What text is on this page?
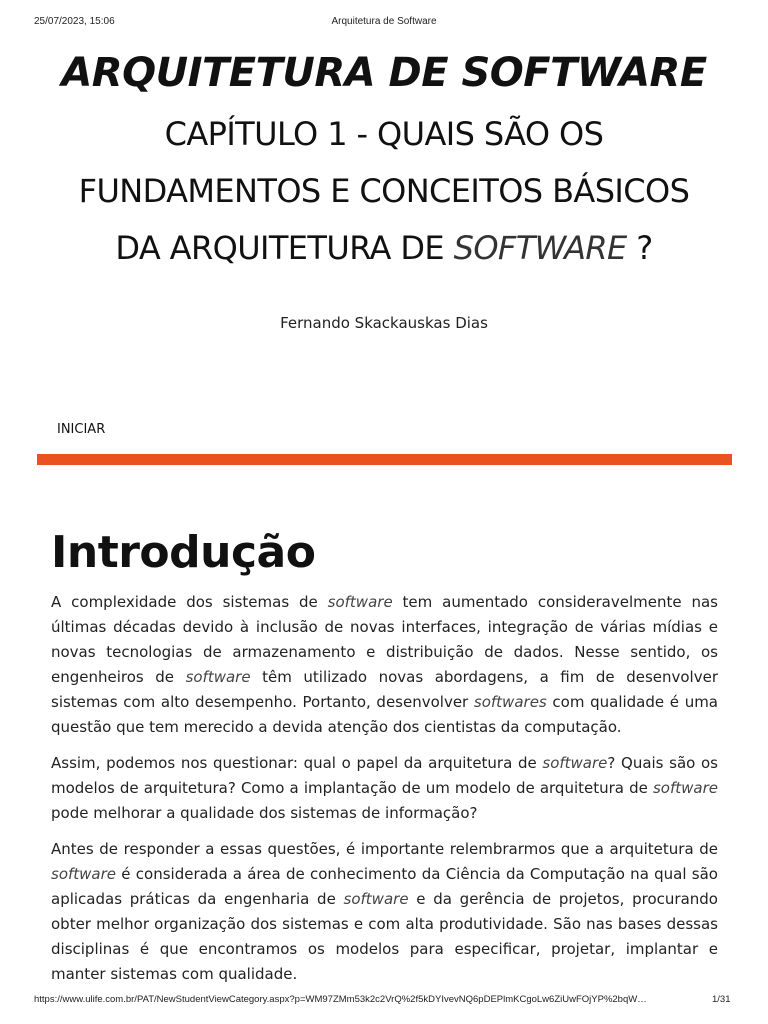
25/07/2023, 15:06	Arquitetura de Software
ARQUITETURA DE SOFTWARE
CAPÍTULO 1 - QUAIS SÃO OS
FUNDAMENTOS E CONCEITOS BÁSICOS
DA ARQUITETURA DE SOFTWARE ?
Fernando Skackauskas Dias
INICIAR
Introdução

A complexidade dos sistemas de software tem aumentado consideravelmente nas últimas décadas devido à inclusão de novas interfaces, integração de várias mídias e novas tecnologias de armazenamento e distribuição de dados. Nesse sentido, os engenheiros de software têm utilizado novas abordagens, a fim de desenvolver sistemas com alto desempenho. Portanto, desenvolver softwares com qualidade é uma questão que tem merecido a devida atenção dos cientistas da computação.

Assim, podemos nos questionar: qual o papel da arquitetura de software? Quais são os modelos de arquitetura? Como a implantação de um modelo de arquitetura de software pode melhorar a qualidade dos sistemas de informação?

Antes de responder a essas questões, é importante relembrarmos que a arquitetura de software é considerada a área de conhecimento da Ciência da Computação na qual são aplicadas práticas da engenharia de software e da gerência de projetos, procurando obter melhor organização dos sistemas e com alta produtividade. São nas bases dessas disciplinas é que encontramos os modelos para especificar, projetar, implantar e manter sistemas com qualidade.

https://www.ulife.com.br/PAT/NewStudentViewCategory.aspx?p=WM97ZMm53k2c2VrQ%2f5kDYIvevNQ6pDEPlmKCgoLw6ZiUwFOjYP%2bqW…	1/31
